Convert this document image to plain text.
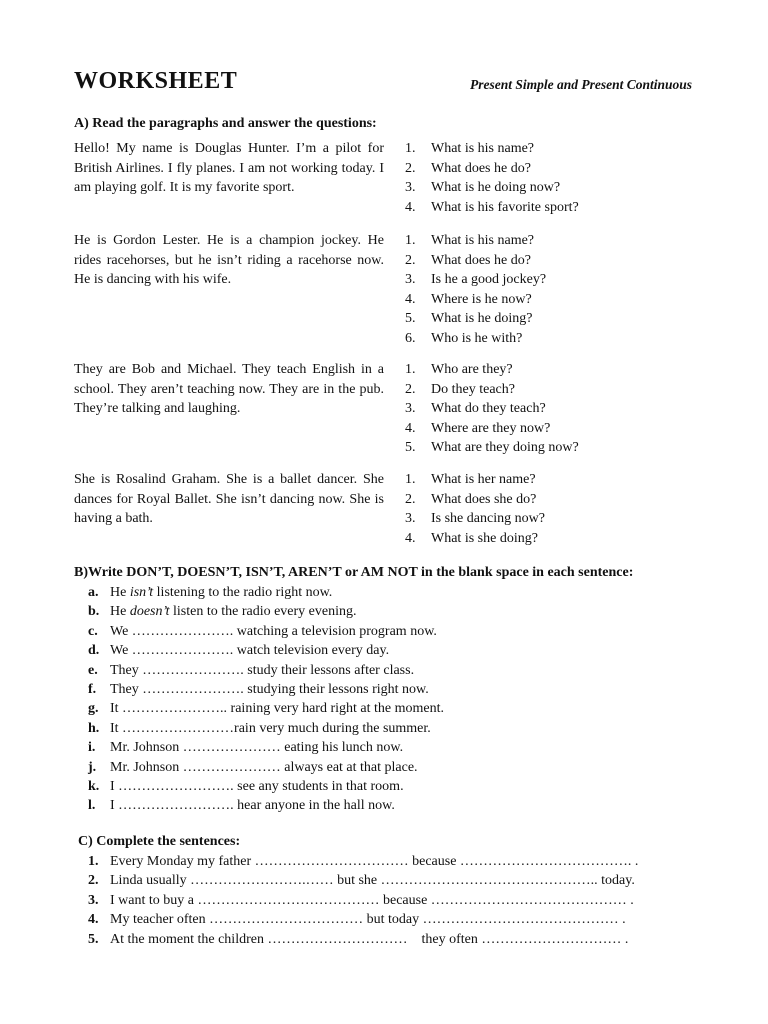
WORKSHEET	Present Simple and Present Continuous
A) Read the paragraphs and answer the questions:
Hello! My name is Douglas Hunter. I’m a pilot for British Airlines. I fly planes. I am not working today. I am playing golf. It is my favorite sport.
1.	What is his name?
2.	What does he do?
3.	What is he doing now?
4.	What is his favorite sport?
He is Gordon Lester. He is a champion jockey. He rides racehorses, but he isn’t riding a racehorse now. He is dancing with his wife.
1.	What is his name?
2.	What does he do?
3.	Is he a good jockey?
4.	Where is he now?
5.	What is he doing?
6.	Who is he with?
They are Bob and Michael. They teach English in a school. They aren’t teaching now. They are in the pub. They’re talking and laughing.
1.	Who are they?
2.	Do they teach?
3.	What do they teach?
4.	Where are they now?
5.	What are they doing now?
She is Rosalind Graham. She is a ballet dancer. She dances for Royal Ballet. She isn’t dancing now. She is having a bath.
1.	What is her name?
2.	What does she do?
3.	Is she dancing now?
4.	What is she doing?
B)Write DON’T, DOESN’T, ISN’T, AREN’T or AM NOT in the blank space in each sentence:
a. He isn’t listening to the radio right now.
b. He doesn’t listen to the radio every evening.
c. We …………………. watching a television program now.
d. We …………………. watch television every day.
e. They …………………. study their lessons after class.
f. They …………………. studying their lessons right now.
g. It ………………….. raining very hard right at the moment.
h. It ……………………rain very much during the summer.
i.	Mr. Johnson ………………… eating his lunch now.
j. Mr. Johnson ………………… always eat at that place.
k. I ……………………. see any students in that room.
l.	I ……………………. hear anyone in the hall now.
C) Complete the sentences:
1. Every Monday my father …………………………… because ………………………………. .
2. Linda usually …………………….…… but she ……………………………………….. today.
3. I want to buy a ………………………………… because …………………………………… .
4. My teacher often …………………………… but today …………………………………… .
5. At the moment the children …………………………    they often ………………………… .
